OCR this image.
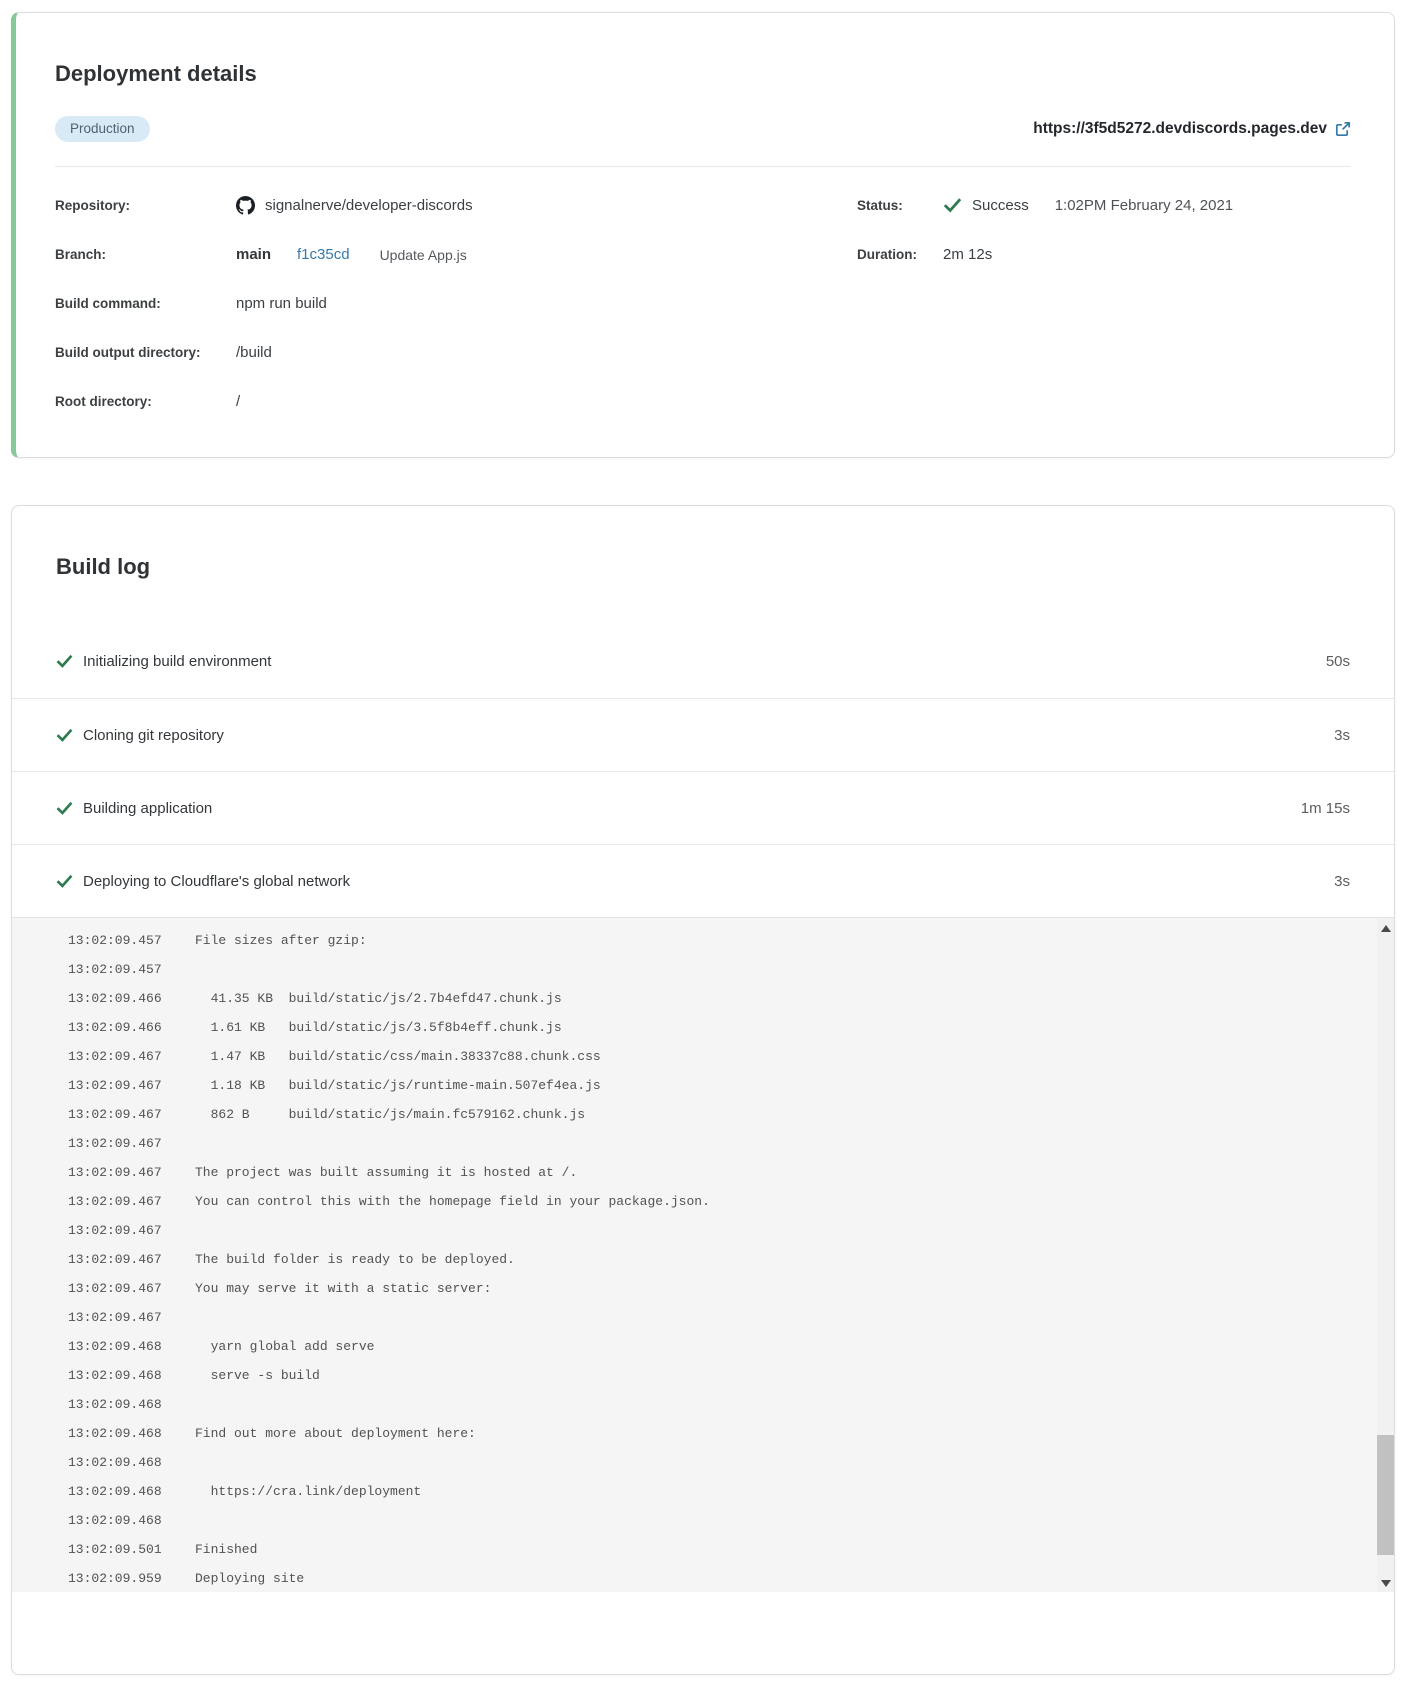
Deployment details
Production	https://3f5d5272.devdiscords.pages.dev
Repository:	signalnerve/developer-discords
Branch:	main f1c35cd Update App.js
Build command:	npm run build
Build output directory:	/build
Root directory:	/
Status:	Success 1:02PM February 24, 2021
Duration:	2m 12s
Build log
Initializing build environment	50s
Cloning git repository	3s
Building application	1m 15s
Deploying to Cloudflare's global network	3s
13:02:09.457	File sizes after gzip:
13:02:09.457
13:02:09.466	41.35 KB  build/static/js/2.7b4efd47.chunk.js
13:02:09.466	1.61 KB   build/static/js/3.5f8b4eff.chunk.js
13:02:09.467	1.47 KB   build/static/css/main.38337c88.chunk.css
13:02:09.467	1.18 KB   build/static/js/runtime-main.507ef4ea.js
13:02:09.467	862 B     build/static/js/main.fc579162.chunk.js
13:02:09.467
13:02:09.467	The project was built assuming it is hosted at /.
13:02:09.467	You can control this with the homepage field in your package.json.
13:02:09.467
13:02:09.467	The build folder is ready to be deployed.
13:02:09.467	You may serve it with a static server:
13:02:09.467
13:02:09.468	yarn global add serve
13:02:09.468	serve -s build
13:02:09.468
13:02:09.468	Find out more about deployment here:
13:02:09.468
13:02:09.468	https://cra.link/deployment
13:02:09.468
13:02:09.501	Finished
13:02:09.959	Deploying site
